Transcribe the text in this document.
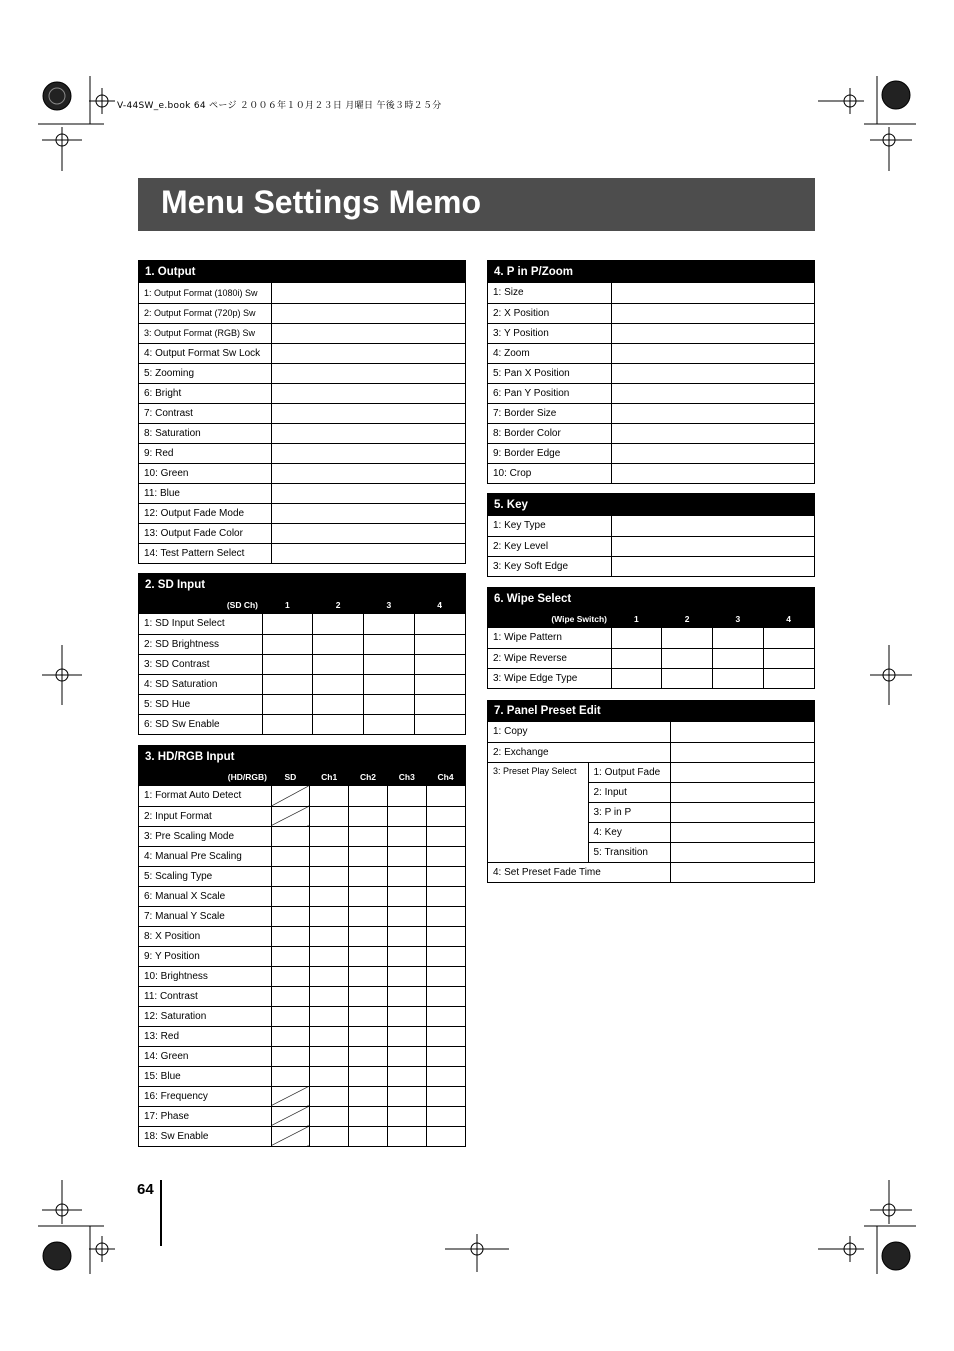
V-44SW_e.book 64 ページ ２００６年１０月２３日 月曜日 午後３時２５分
Menu Settings Memo
1. Output
1: Output Format (1080i) Sw	
2: Output Format (720p) Sw	
3: Output Format (RGB) Sw	
4: Output Format Sw Lock	
5: Zooming	
6: Bright	
7: Contrast	
8: Saturation	
9: Red	
10: Green	
11: Blue	
12: Output Fade Mode	
13: Output Fade Color	
14: Test Pattern Select	
2. SD Input
(SD Ch)	1	2	3	4
1: SD Input Select				
2: SD Brightness				
3: SD Contrast				
4: SD Saturation				
5: SD Hue				
6: SD Sw Enable				
3. HD/RGB Input
(HD/RGB)	SD	Ch1	Ch2	Ch3	Ch4
1: Format Auto Detect					
2: Input Format					
3: Pre Scaling Mode					
4: Manual Pre Scaling					
5: Scaling Type					
6: Manual X Scale					
7: Manual Y Scale					
8: X Position					
9: Y Position					
10: Brightness					
11: Contrast					
12: Saturation					
13: Red					
14: Green					
15: Blue					
16: Frequency					
17: Phase					
18: Sw Enable					
4. P in P/Zoom
1: Size	
2: X Position	
3: Y Position	
4: Zoom	
5: Pan X Position	
6: Pan Y Position	
7: Border Size	
8: Border Color	
9: Border Edge	
10: Crop	
5. Key
1: Key Type	
2: Key Level	
3: Key Soft Edge	
6. Wipe Select
(Wipe Switch)	1	2	3	4
1: Wipe Pattern				
2: Wipe Reverse				
3: Wipe Edge Type				
7. Panel Preset Edit
1: Copy		
2: Exchange		
3: Preset Play Select	1: Output Fade	
	2: Input	
	3: P in P	
	4: Key	
	5: Transition	
4: Set Preset Fade Time		
64
